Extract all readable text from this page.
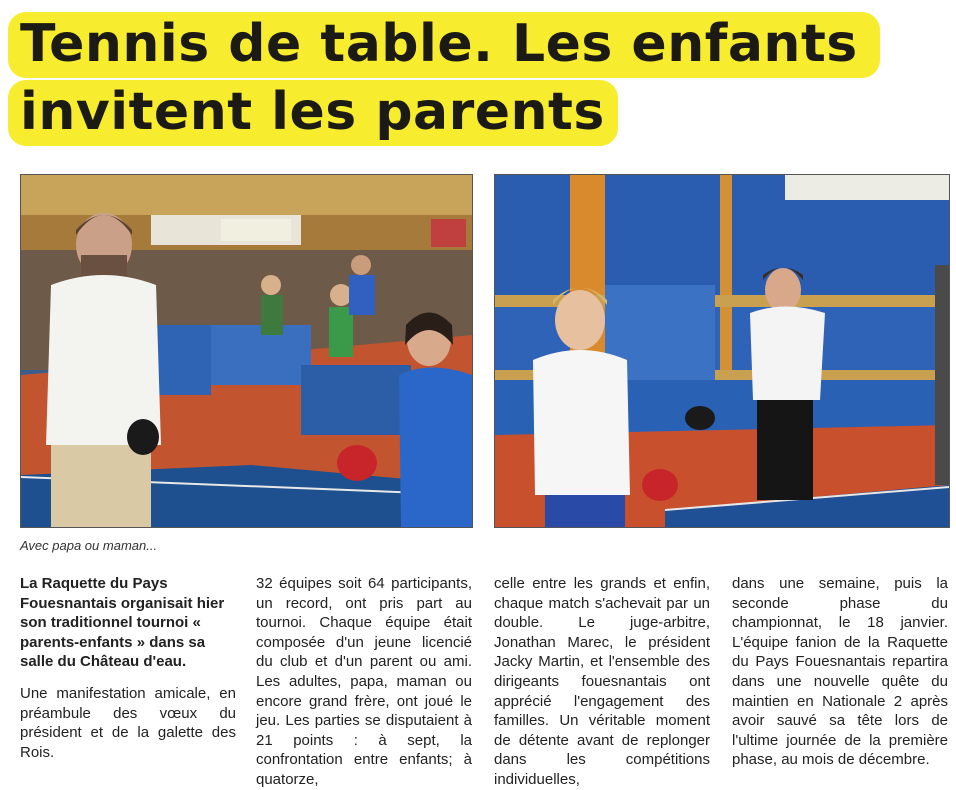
Tennis de table. Les enfants
invitent les parents
Avec papa ou maman...

La Raquette du Pays Fouesnantais organisait hier son traditionnel tournoi « parents-enfants » dans sa salle du Château d'eau.

Une manifestation amicale, en préambule des vœux du président et de la galette des Rois.

32 équipes soit 64 participants, un record, ont pris part au tournoi. Chaque équipe était composée d'un jeune licencié du club et d'un parent ou ami. Les adultes, papa, maman ou encore grand frère, ont joué le jeu. Les parties se disputaient à 21 points : à sept, la confrontation entre enfants; à quatorze,

celle entre les grands et enfin, chaque match s'achevait par un double. Le juge-arbitre, Jonathan Marec, le président Jacky Martin, et l'ensemble des dirigeants fouesnantais ont apprécié l'engagement des familles. Un véritable moment de détente avant de replonger dans les compétitions individuelles,

dans une semaine, puis la seconde phase du championnat, le 18 janvier. L'équipe fanion de la Raquette du Pays Fouesnantais repartira dans une nouvelle quête du maintien en Nationale 2 après avoir sauvé sa tête lors de l'ultime journée de la première phase, au mois de décembre.
